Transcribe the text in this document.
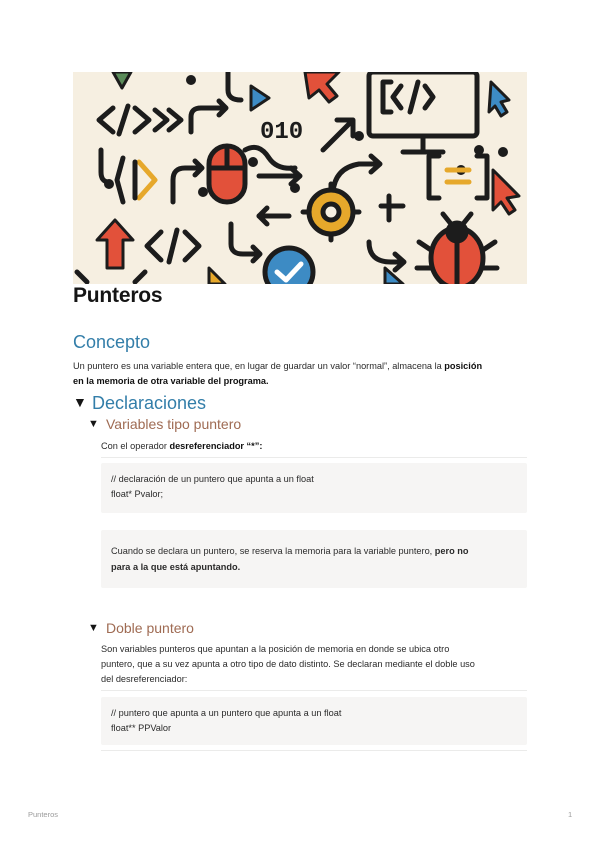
010
Punteros
Concepto
Un puntero es una variable entera que, en lugar de guardar un valor “normal”, almacena la posición
en la memoria de otra variable del programa.
▼ Declaraciones
▼ Variables tipo puntero
Con el operador desreferenciador “*”:
// declaración de un puntero que apunta a un float
float* Pvalor;
Cuando se declara un puntero, se reserva la memoria para la variable puntero, pero no
para a la que está apuntando.
▼ Doble puntero
Son variables punteros que apuntan a la posición de memoria en donde se ubica otro
puntero, que a su vez apunta a otro tipo de dato distinto. Se declaran mediante el doble uso
del desreferenciador:
// puntero que apunta a un puntero que apunta a un float
float** PPValor
Punteros	1
